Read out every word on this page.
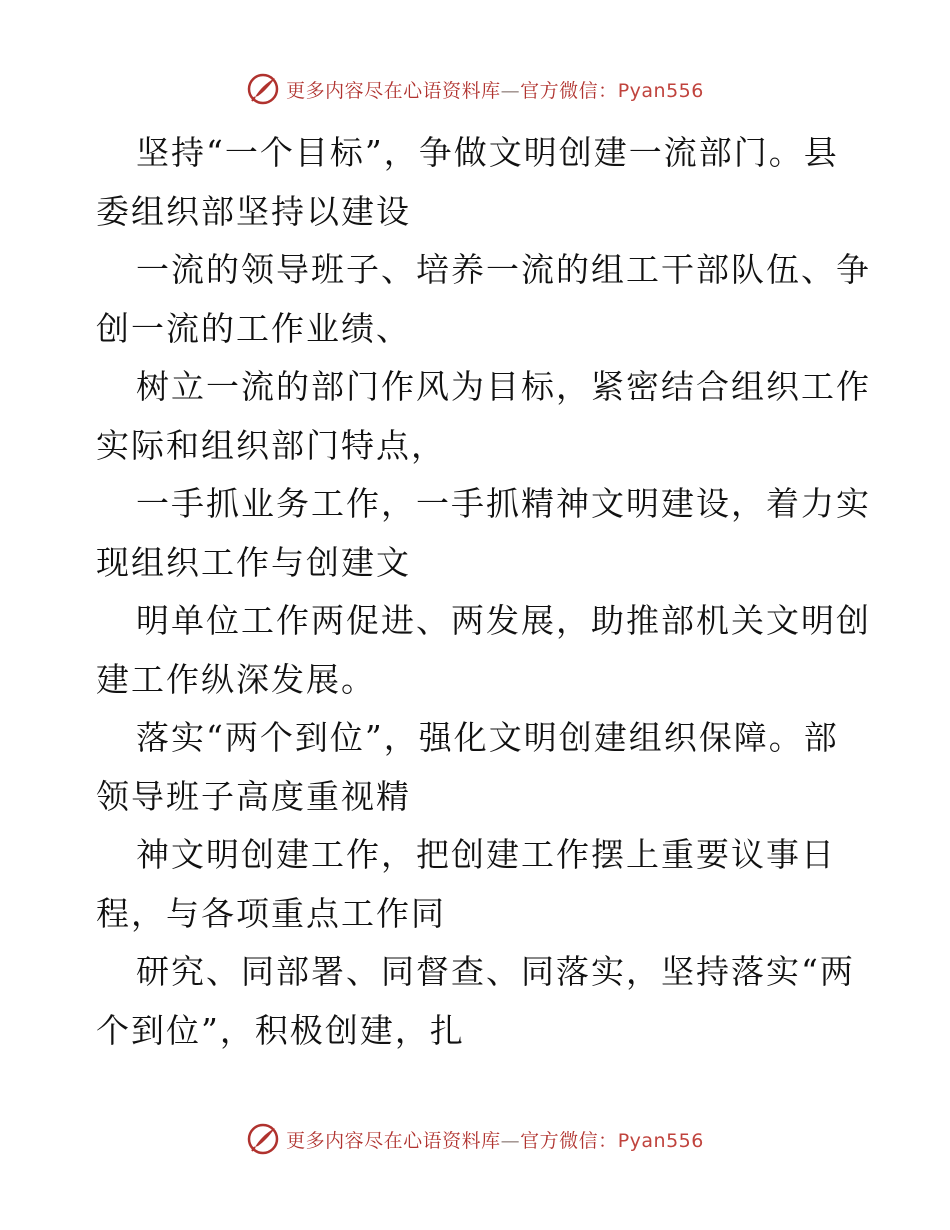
更多内容尽在心语资料库—官方微信：Pyan556
坚持“一个目标”，争做文明创建一流部门。县
委组织部坚持以建设
一流的领导班子、培养一流的组工干部队伍、争
创一流的工作业绩、
树立一流的部门作风为目标，紧密结合组织工作
实际和组织部门特点，
一手抓业务工作，一手抓精神文明建设，着力实
现组织工作与创建文
明单位工作两促进、两发展，助推部机关文明创
建工作纵深发展。
落实“两个到位”，强化文明创建组织保障。部
领导班子高度重视精
神文明创建工作，把创建工作摆上重要议事日
程，与各项重点工作同
研究、同部署、同督查、同落实，坚持落实“两
个到位”，积极创建，扎
更多内容尽在心语资料库—官方微信：Pyan556
